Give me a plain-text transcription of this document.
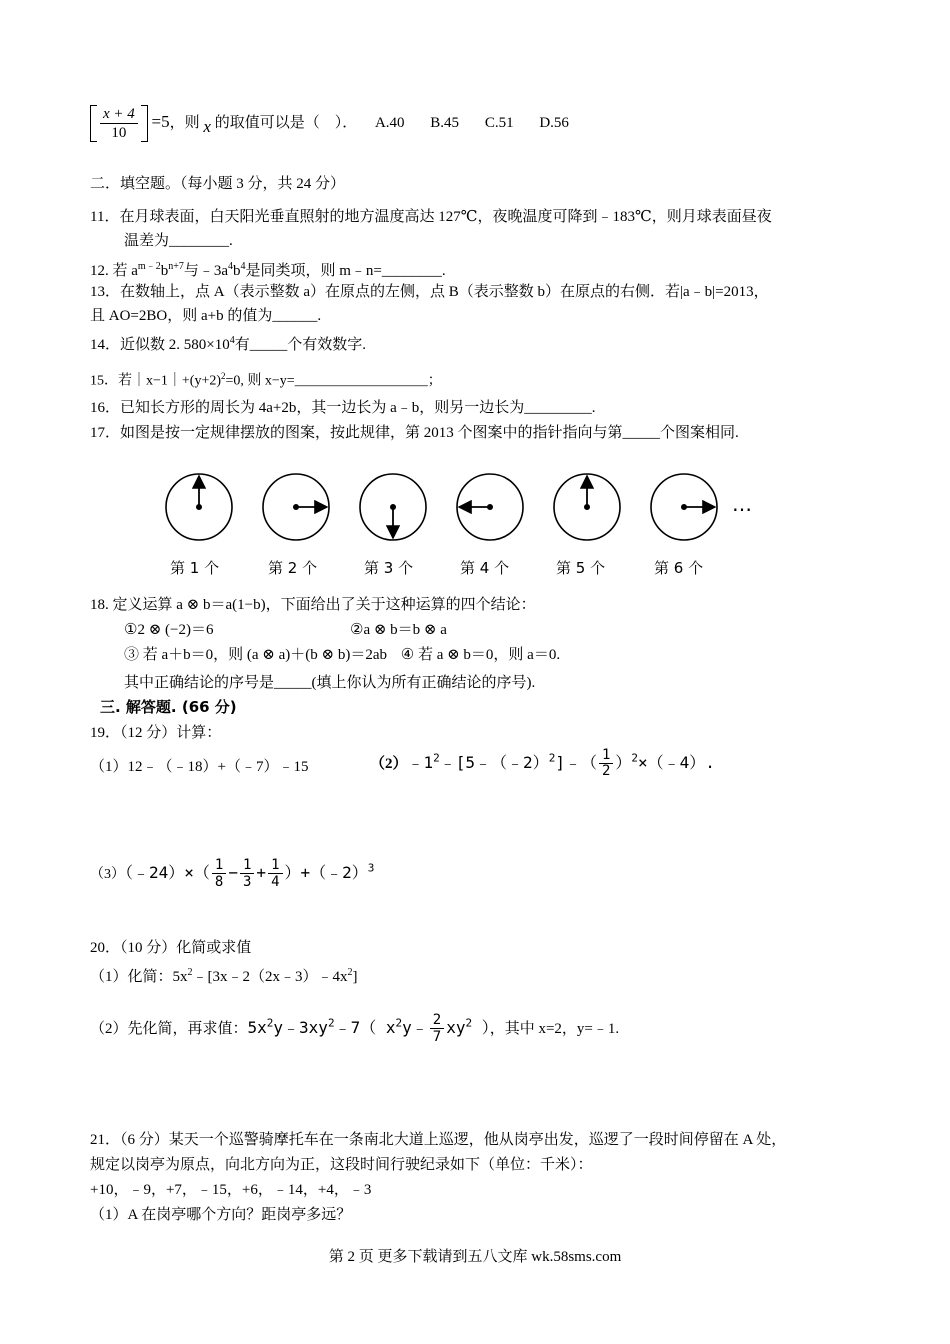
$\frac{x + 4}{10} =5$，则 x 的取值可以是（　）． A.40 B.45 C.51 D.56
二．填空题。（每小题 3 分，共 24 分）
11．在月球表面，白天阳光垂直照射的地方温度高达 127℃，夜晚温度可降到﹣183℃，则月球表面昼夜
温差为________.
12. 若 $a^{m﹣2}b^{n+7}$与$﹣3a^4b^4$是同类项，则 m﹣n=________.
13．在数轴上，点 A（表示整数 a）在原点的左侧，点 B（表示整数 b）在原点的右侧．若|a﹣b|=2013，
且 AO=2BO，则 a+b 的值为______.
14．近似数 2. $580\times 10^4$有_____个有效数字.
15．若$|x-1|+(y+2)^2=0$, 则 x−y=___________________；
16．已知长方形的周长为 4a+2b，其一边长为 a﹣b，则另一边长为_________.
17．如图是按一定规律摆放的图案，按此规律，第 2013 个图案中的指针指向与第_____个图案相同.
…
第 1 个	第 2 个	第 3 个	第 4 个	第 5 个	第 6 个
18. 定义运算 a ⊗ b＝a(1−b)，下面给出了关于这种运算的四个结论：
①2 ⊗ (−2)＝6	②a ⊗ b＝b ⊗ a
③ 若 a＋b＝0，则 (a ⊗ a)＋(b ⊗ b)＝2ab ④ 若 a ⊗ b＝0，则 a＝0.
其中正确结论的序号是_____(填上你认为所有正确结论的序号).
三. 解答题. (66 分)
19．（12 分）计算：
（1）12﹣（﹣18）+（﹣7）﹣15	$(2)﹣1^2﹣[5﹣(﹣2)^2]﹣( \frac{1}{2}$ ）$^2$×（﹣4）.
（3）（﹣24）×（ $\frac{1}{8} - \frac{1}{3} + \frac{1}{4}$ ）+（﹣2）$^3$
20．（10 分）化简或求值
（1）化简：$5x^2﹣[3x﹣2(2x﹣3)﹣4x^2]$
（2）先化简，再求值：$5x^2y﹣3xy^2﹣7$（ $x^2y﹣ \frac{2}{7} xy^2$ ），其中 x=2，y=﹣1.
21．（6 分）某天一个巡警骑摩托车在一条南北大道上巡逻，他从岗亭出发，巡逻了一段时间停留在 A 处，
规定以岗亭为原点，向北方向为正，这段时间行驶纪录如下（单位：千米）：
+10，﹣9，+7，﹣15，+6，﹣14，+4，﹣3
（1）A 在岗亭哪个方向？距岗亭多远？
第 2 页 更多下载请到五八文库 wk.58sms.com
